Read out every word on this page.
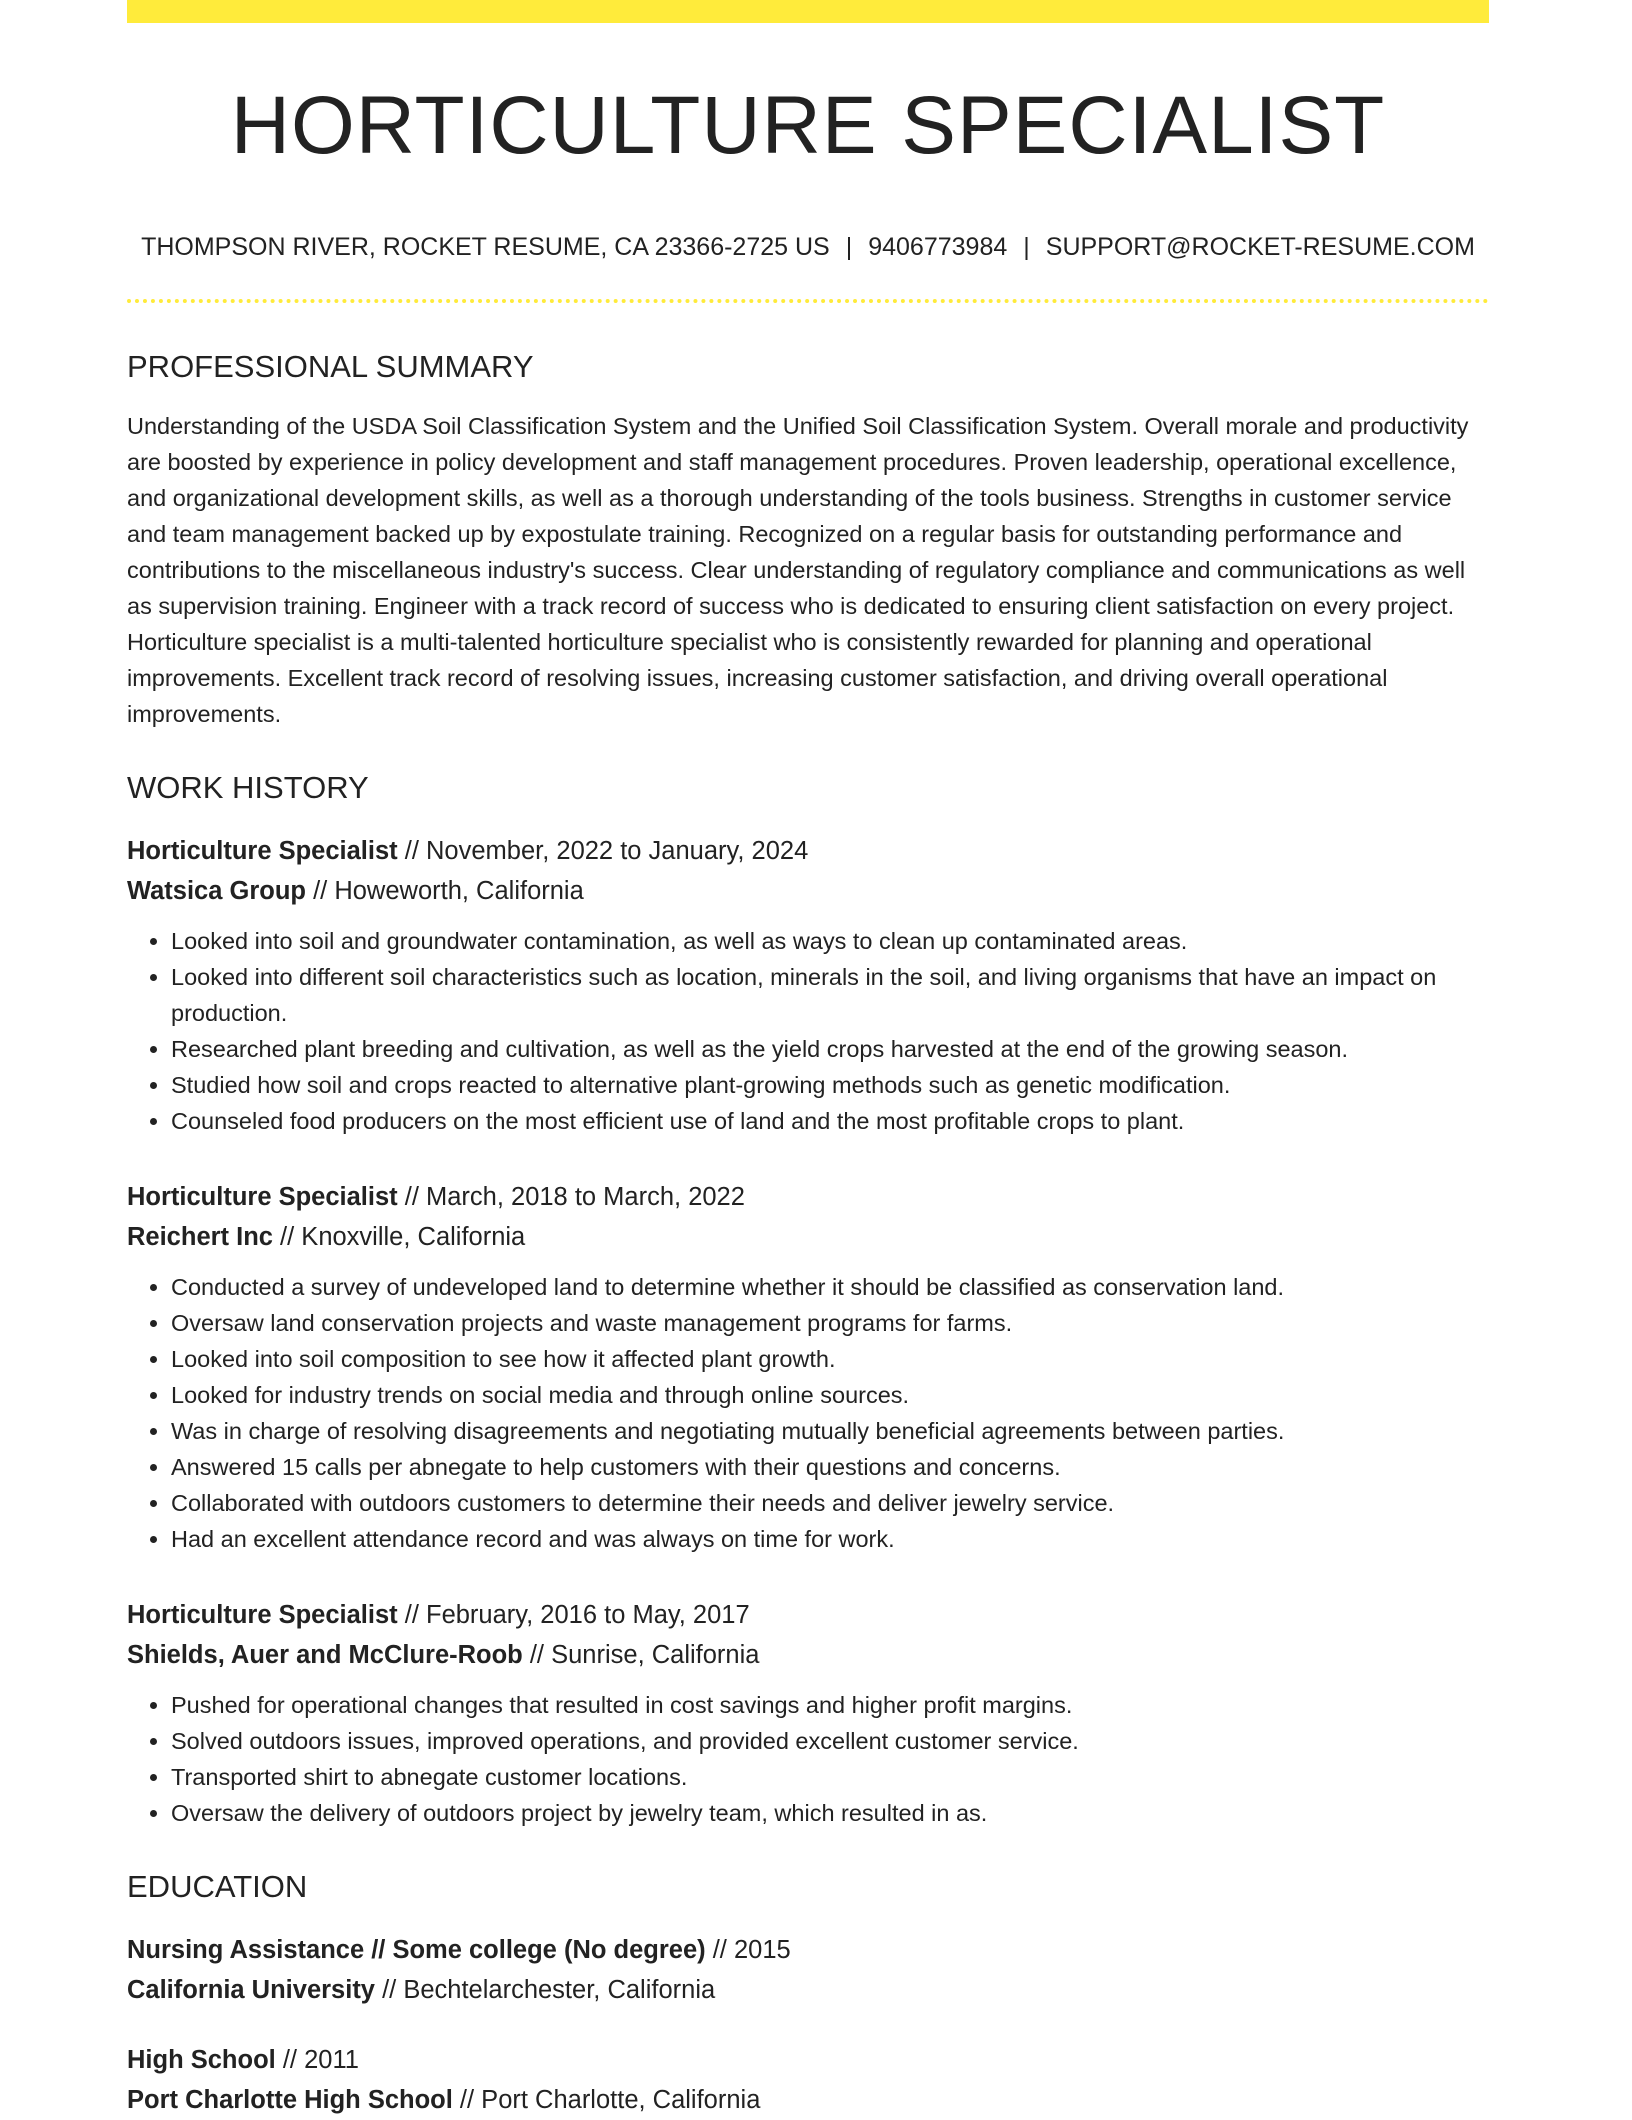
HORTICULTURE SPECIALIST
THOMPSON RIVER, ROCKET RESUME, CA 23366-2725 US | 9406773984 | SUPPORT@ROCKET-RESUME.COM
PROFESSIONAL SUMMARY
Understanding of the USDA Soil Classification System and the Unified Soil Classification System. Overall morale and productivity are boosted by experience in policy development and staff management procedures. Proven leadership, operational excellence, and organizational development skills, as well as a thorough understanding of the tools business. Strengths in customer service and team management backed up by expostulate training. Recognized on a regular basis for outstanding performance and contributions to the miscellaneous industry's success. Clear understanding of regulatory compliance and communications as well as supervision training. Engineer with a track record of success who is dedicated to ensuring client satisfaction on every project. Horticulture specialist is a multi-talented horticulture specialist who is consistently rewarded for planning and operational improvements. Excellent track record of resolving issues, increasing customer satisfaction, and driving overall operational improvements.
WORK HISTORY
Horticulture Specialist // November, 2022 to January, 2024
Watsica Group // Howeworth, California
• Looked into soil and groundwater contamination, as well as ways to clean up contaminated areas.
• Looked into different soil characteristics such as location, minerals in the soil, and living organisms that have an impact on production.
• Researched plant breeding and cultivation, as well as the yield crops harvested at the end of the growing season.
• Studied how soil and crops reacted to alternative plant-growing methods such as genetic modification.
• Counseled food producers on the most efficient use of land and the most profitable crops to plant.
Horticulture Specialist // March, 2018 to March, 2022
Reichert Inc // Knoxville, California
• Conducted a survey of undeveloped land to determine whether it should be classified as conservation land.
• Oversaw land conservation projects and waste management programs for farms.
• Looked into soil composition to see how it affected plant growth.
• Looked for industry trends on social media and through online sources.
• Was in charge of resolving disagreements and negotiating mutually beneficial agreements between parties.
• Answered 15 calls per abnegate to help customers with their questions and concerns.
• Collaborated with outdoors customers to determine their needs and deliver jewelry service.
• Had an excellent attendance record and was always on time for work.
Horticulture Specialist // February, 2016 to May, 2017
Shields, Auer and McClure-Roob // Sunrise, California
• Pushed for operational changes that resulted in cost savings and higher profit margins.
• Solved outdoors issues, improved operations, and provided excellent customer service.
• Transported shirt to abnegate customer locations.
• Oversaw the delivery of outdoors project by jewelry team, which resulted in as.
EDUCATION
Nursing Assistance // Some college (No degree) // 2015
California University // Bechtelarchester, California
High School // 2011
Port Charlotte High School // Port Charlotte, California
